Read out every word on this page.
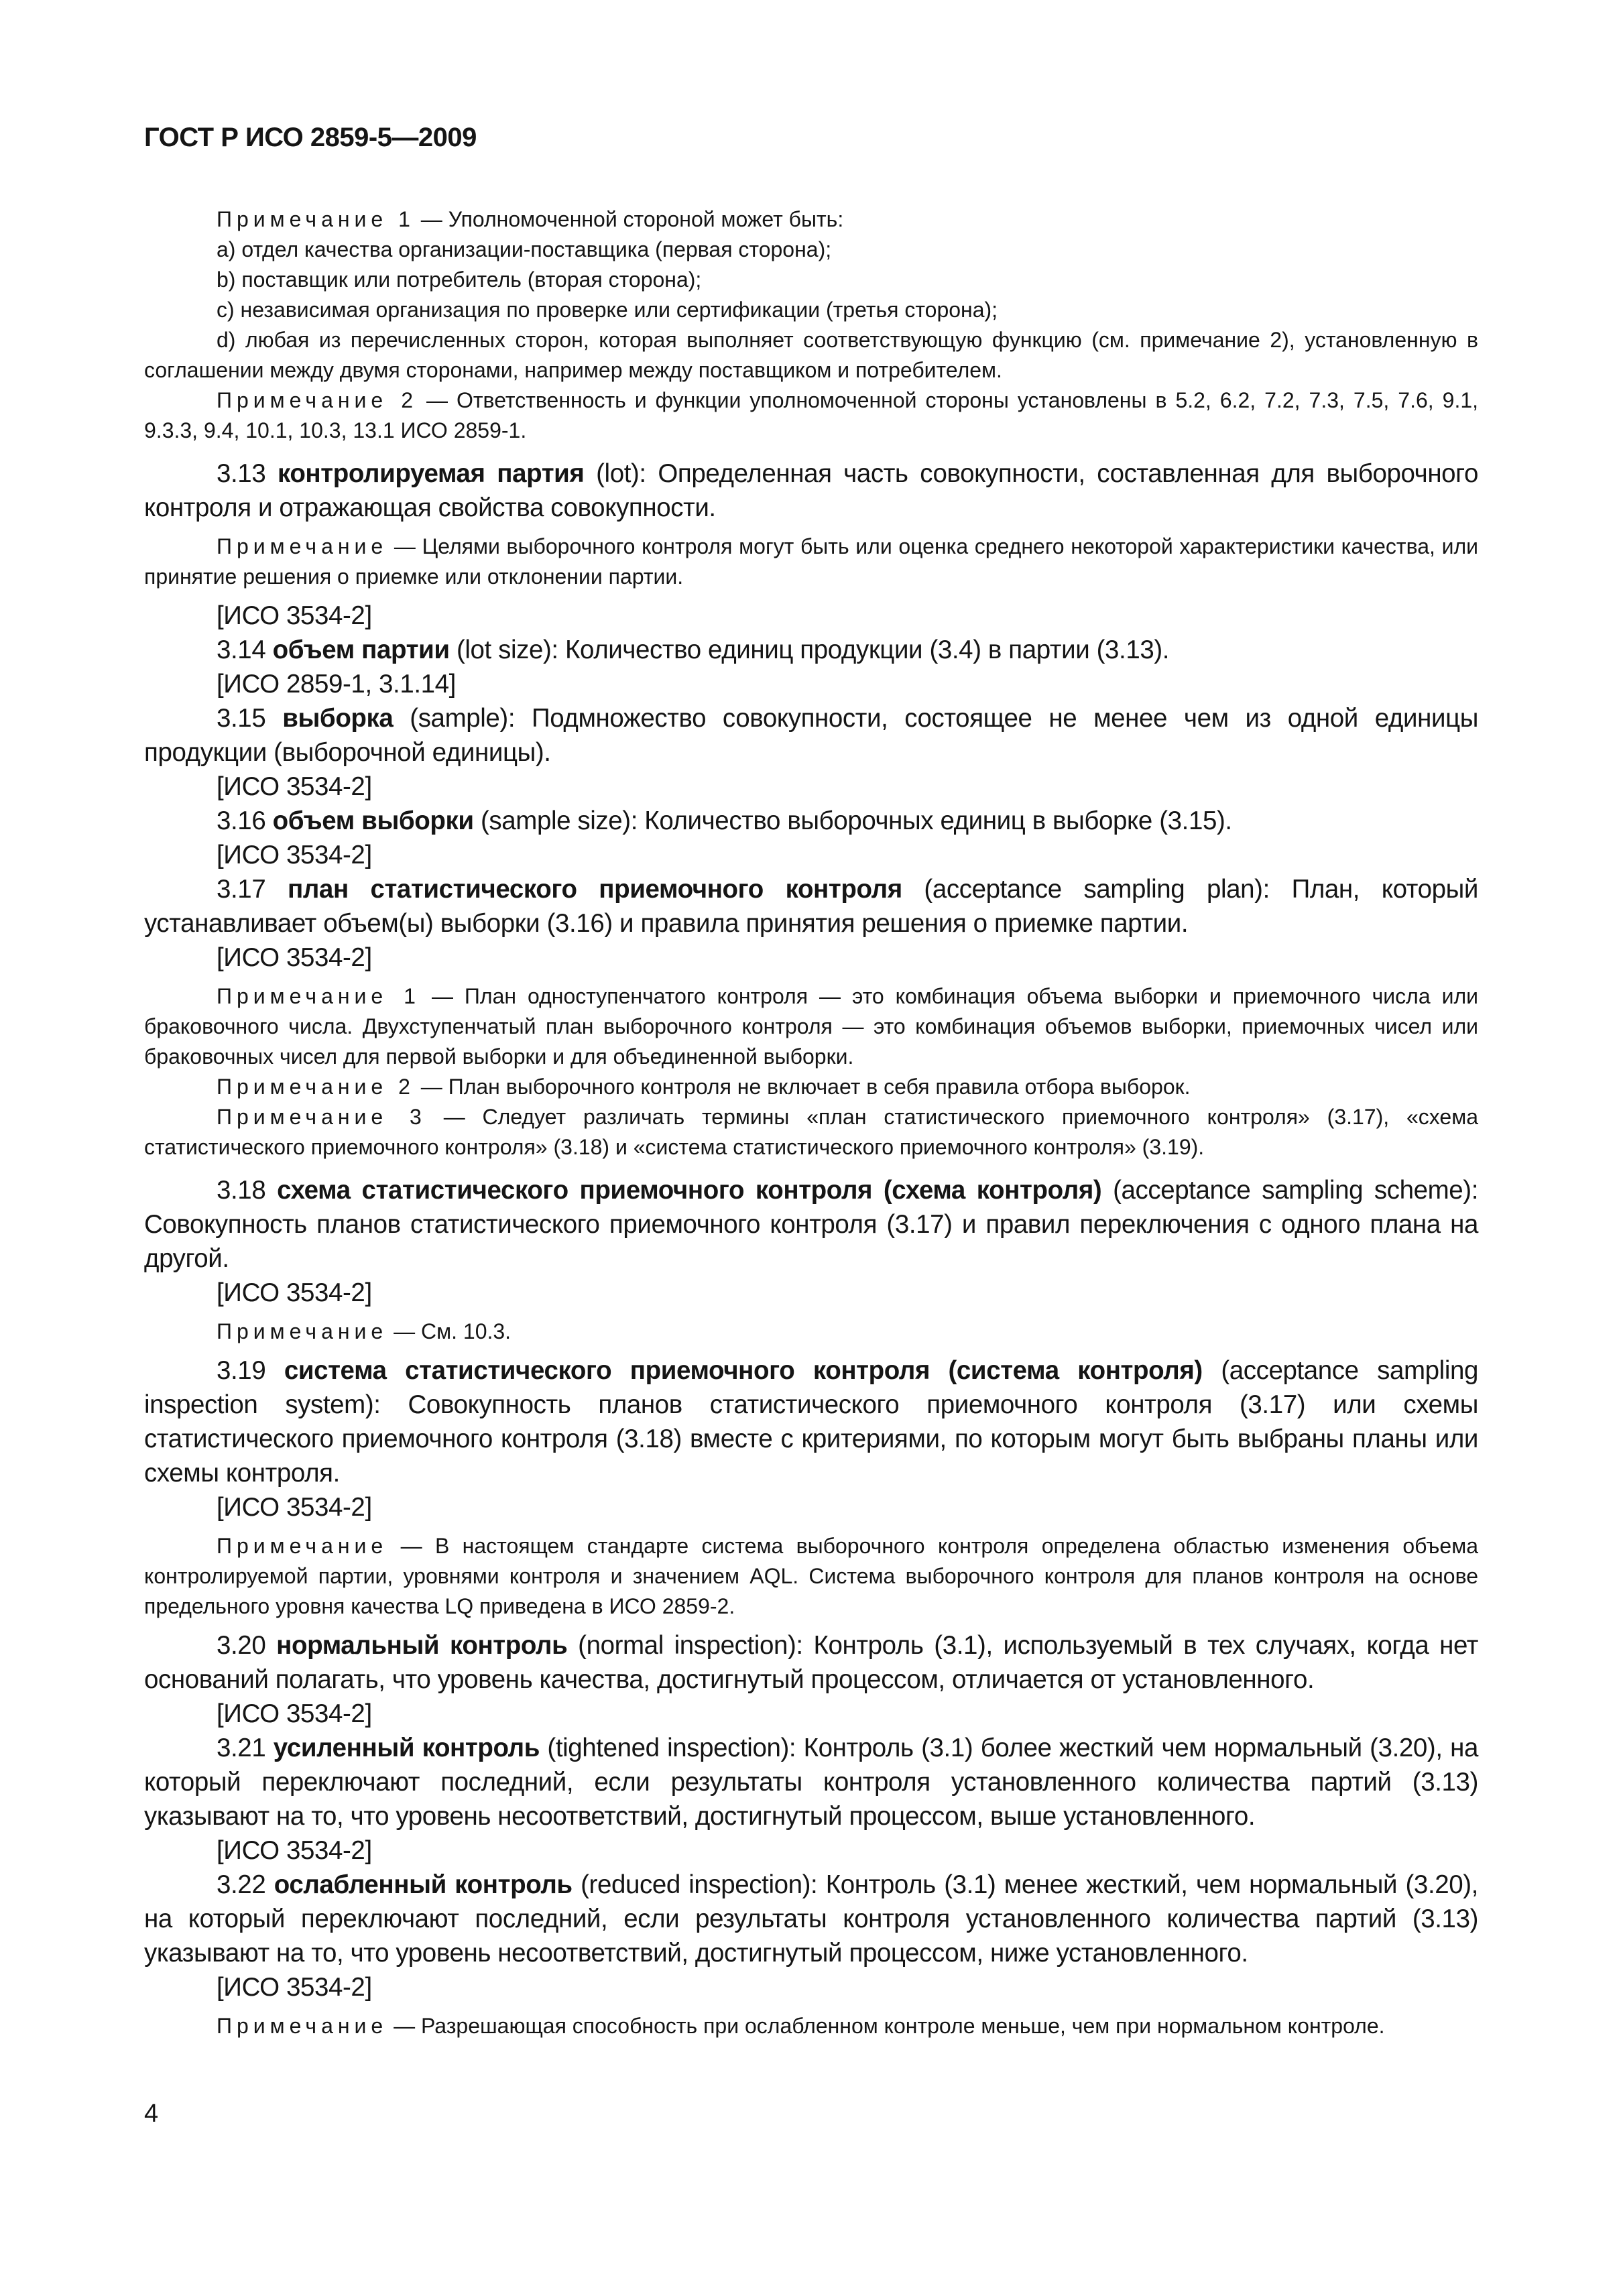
ГОСТ Р ИСО 2859-5—2009

Примечание 1 — Уполномоченной стороной может быть:

a) отдел качества организации-поставщика (первая сторона);

b) поставщик или потребитель (вторая сторона);

c) независимая организация по проверке или сертификации (третья сторона);

d) любая из перечисленных сторон, которая выполняет соответствующую функцию (см. примечание 2), установленную в соглашении между двумя сторонами, например между поставщиком и потребителем.

Примечание 2 — Ответственность и функции уполномоченной стороны установлены в 5.2, 6.2, 7.2, 7.3, 7.5, 7.6, 9.1, 9.3.3, 9.4, 10.1, 10.3, 13.1 ИСО 2859-1.

3.13 контролируемая партия (lot): Определенная часть совокупности, составленная для выборочного контроля и отражающая свойства совокупности.

Примечание — Целями выборочного контроля могут быть или оценка среднего некоторой характеристики качества, или принятие решения о приемке или отклонении партии.

[ИСО 3534-2]

3.14 объем партии (lot size): Количество единиц продукции (3.4) в партии (3.13).

[ИСО 2859-1, 3.1.14]

3.15 выборка (sample): Подмножество совокупности, состоящее не менее чем из одной единицы продукции (выборочной единицы).

[ИСО 3534-2]

3.16 объем выборки (sample size): Количество выборочных единиц в выборке (3.15).

[ИСО 3534-2]

3.17 план статистического приемочного контроля (acceptance sampling plan): План, который устанавливает объем(ы) выборки (3.16) и правила принятия решения о приемке партии.

[ИСО 3534-2]

Примечание 1 — План одноступенчатого контроля — это комбинация объема выборки и приемочного числа или браковочного числа. Двухступенчатый план выборочного контроля — это комбинация объемов выборки, приемочных чисел или браковочных чисел для первой выборки и для объединенной выборки.

Примечание 2 — План выборочного контроля не включает в себя правила отбора выборок.

Примечание 3 — Следует различать термины «план статистического приемочного контроля» (3.17), «схема статистического приемочного контроля» (3.18) и «система статистического приемочного контроля» (3.19).

3.18 схема статистического приемочного контроля (схема контроля) (acceptance sampling scheme): Совокупность планов статистического приемочного контроля (3.17) и правил переключения с одного плана на другой.

[ИСО 3534-2]

Примечание — См. 10.3.

3.19 система статистического приемочного контроля (система контроля) (acceptance sampling inspection system): Совокупность планов статистического приемочного контроля (3.17) или схемы статистического приемочного контроля (3.18) вместе с критериями, по которым могут быть выбраны планы или схемы контроля.

[ИСО 3534-2]

Примечание — В настоящем стандарте система выборочного контроля определена областью изменения объема контролируемой партии, уровнями контроля и значением AQL. Система выборочного контроля для планов контроля на основе предельного уровня качества LQ приведена в ИСО 2859-2.

3.20 нормальный контроль (normal inspection): Контроль (3.1), используемый в тех случаях, когда нет оснований полагать, что уровень качества, достигнутый процессом, отличается от установленного.

[ИСО 3534-2]

3.21 усиленный контроль (tightened inspection): Контроль (3.1) более жесткий чем нормальный (3.20), на который переключают последний, если результаты контроля установленного количества партий (3.13) указывают на то, что уровень несоответствий, достигнутый процессом, выше установленного.

[ИСО 3534-2]

3.22 ослабленный контроль (reduced inspection): Контроль (3.1) менее жесткий, чем нормальный (3.20), на который переключают последний, если результаты контроля установленного количества партий (3.13) указывают на то, что уровень несоответствий, достигнутый процессом, ниже установленного.

[ИСО 3534-2]

Примечание — Разрешающая способность при ослабленном контроле меньше, чем при нормальном контроле.

4
